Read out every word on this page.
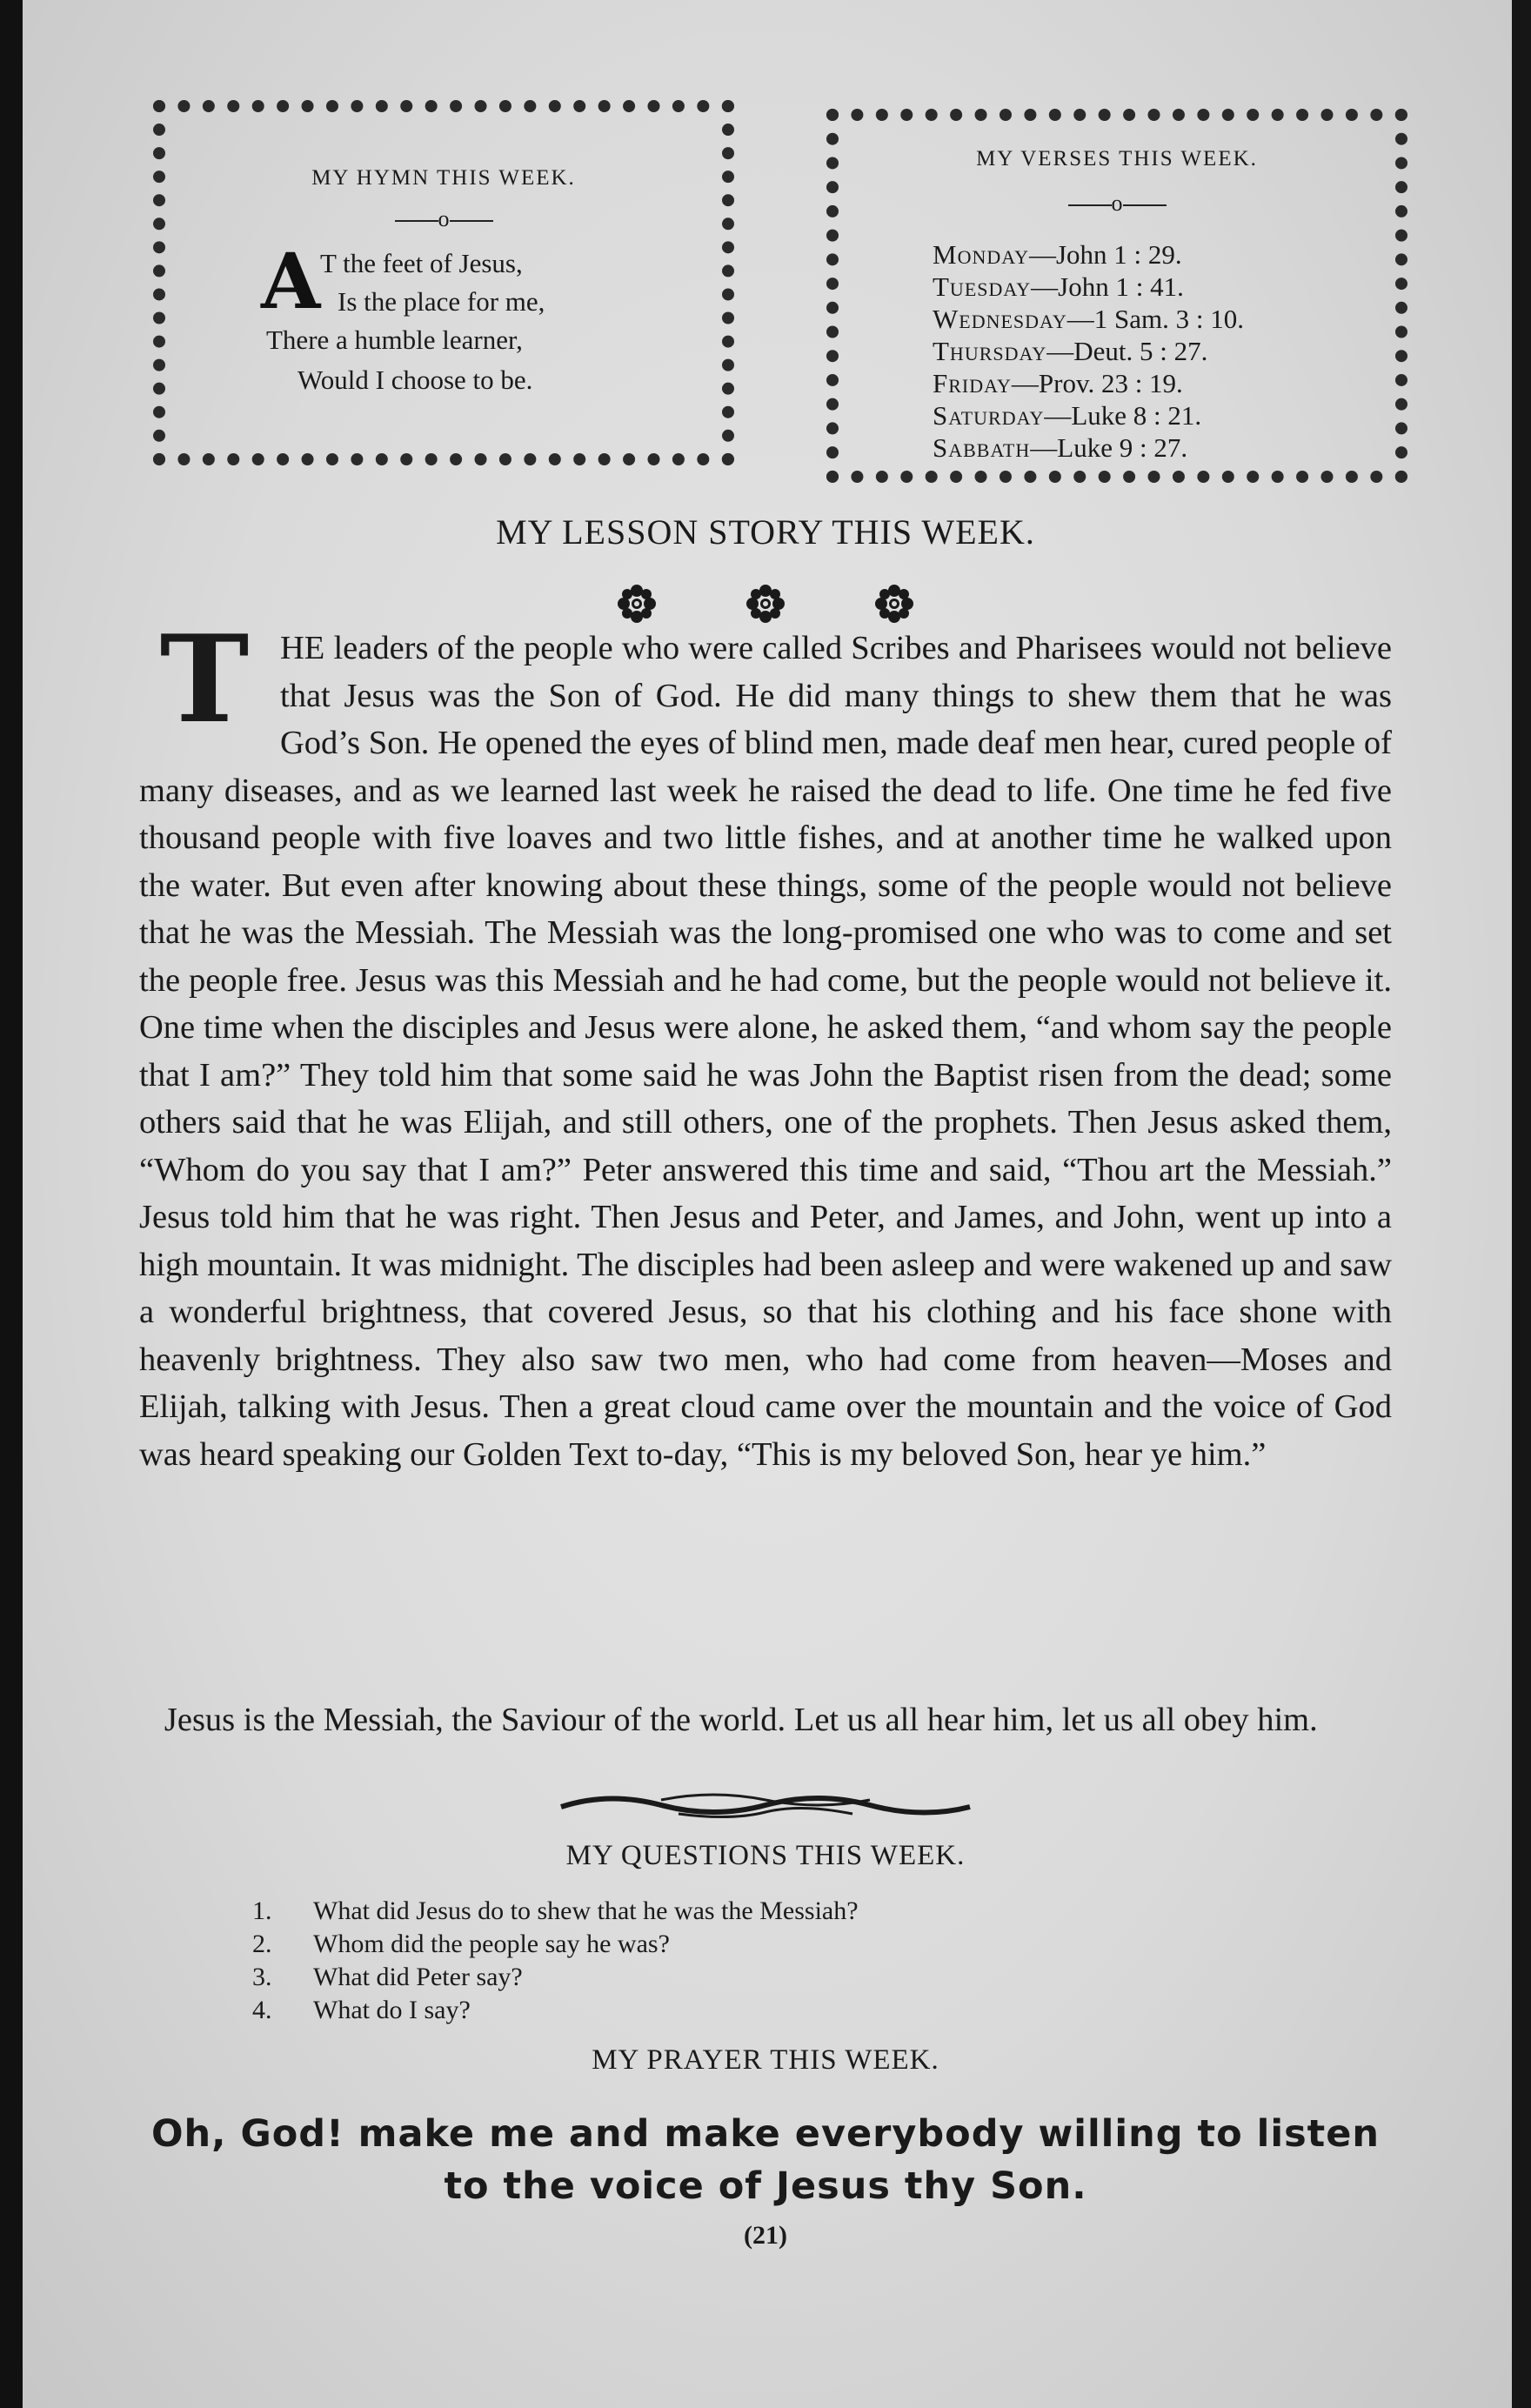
MY HYMN THIS WEEK.
o
A T the feet of Jesus,
Is the place for me,
There a humble learner,
Would I choose to be.
MY VERSES THIS WEEK.
o
Monday—John 1 : 29.
Tuesday—John 1 : 41.
Wednesday—1 Sam. 3 : 10.
Thursday—Deut. 5 : 27.
Friday—Prov. 23 : 19.
Saturday—Luke 8 : 21.
Sabbath—Luke 9 : 27.
MY LESSON STORY THIS WEEK.

THE leaders of the people who were called Scribes and Pharisees would not believe that Jesus was the Son of God. He did many things to shew them that he was God’s Son. He opened the eyes of blind men, made deaf men hear, cured people of many diseases, and as we learned last week he raised the dead to life. One time he fed five thousand people with five loaves and two little fishes, and at another time he walked upon the water. But even after knowing about these things, some of the people would not believe that he was the Messiah. The Messiah was the long-promised one who was to come and set the people free. Jesus was this Messiah and he had come, but the people would not believe it. One time when the disciples and Jesus were alone, he asked them, “and whom say the people that I am?” They told him that some said he was John the Baptist risen from the dead; some others said that he was Elijah, and still others, one of the prophets. Then Jesus asked them, “Whom do you say that I am?” Peter answered this time and said, “Thou art the Messiah.” Jesus told him that he was right. Then Jesus and Peter, and James, and John, went up into a high mountain. It was midnight. The disciples had been asleep and were wakened up and saw a wonderful brightness, that covered Jesus, so that his clothing and his face shone with heavenly brightness. They also saw two men, who had come from heaven—Moses and Elijah, talking with Jesus. Then a great cloud came over the mountain and the voice of God was heard speaking our Golden Text to-day, “This is my beloved Son, hear ye him.”

Jesus is the Messiah, the Saviour of the world. Let us all hear him, let us all obey him.

MY QUESTIONS THIS WEEK.
1. What did Jesus do to shew that he was the Messiah?
2. Whom did the people say he was?
3. What did Peter say?
4. What do I say?
MY PRAYER THIS WEEK.
Oh, God! make me and make everybody willing to listen
to the voice of Jesus thy Son.
(21)
